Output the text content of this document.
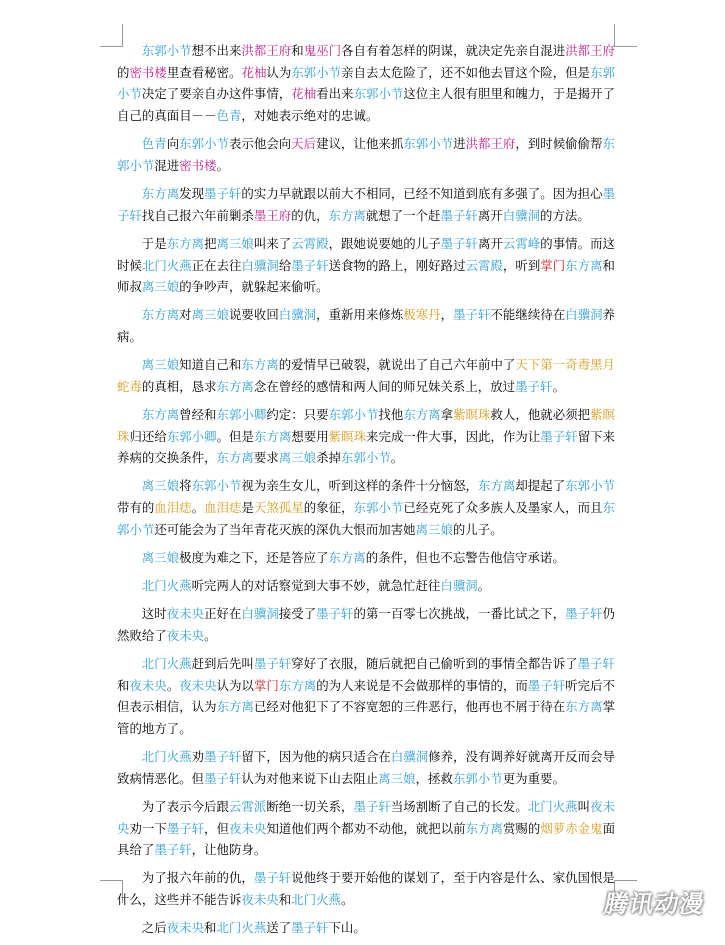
东郭小节想不出来洪都王府和鬼巫门各自有着怎样的阴谋，就决定先亲自混进洪都王府的密书楼里查看秘密。花柚认为东郭小节亲自去太危险了，还不如他去冒这个险，但是东郭小节决定了要亲自办这件事情，花柚看出来东郭小节这位主人很有胆里和魄力，于是揭开了自己的真面目－－色青，对她表示绝对的忠诚。

色青向东郭小节表示他会向天后建议，让他来抓东郭小节进洪都王府，到时候偷偷帮东郭小节混进密书楼。

东方离发现墨子轩的实力早就跟以前大不相同，已经不知道到底有多强了。因为担心墨子轩找自己报六年前剿杀墨王府的仇，东方离就想了一个赶墨子轩离开白骥洞的方法。

于是东方离把离三娘叫来了云霄殿，跟她说要她的儿子墨子轩离开云霄峰的事情。而这时候北门火燕正在去往白骥洞给墨子轩送食物的路上，刚好路过云霄殿，听到掌门东方离和师叔离三娘的争吵声，就躲起来偷听。

东方离对离三娘说要收回白骥洞，重新用来修炼极寒丹，墨子轩不能继续待在白骥洞养病。

离三娘知道自己和东方离的爱情早已破裂，就说出了自己六年前中了天下第一奇毒黑月蛇毒的真相，恳求东方离念在曾经的感情和两人间的师兄妹关系上，放过墨子轩。

东方离曾经和东郭小卿约定：只要东郭小节找他东方离拿紫瞑珠救人，他就必须把紫瞑珠归还给东郭小卿。但是东方离想要用紫瞑珠来完成一件大事，因此，作为让墨子轩留下来养病的交换条件，东方离要求离三娘杀掉东郭小节。

离三娘将东郭小节视为亲生女儿，听到这样的条件十分恼怒，东方离却提起了东郭小节带有的血泪痣。血泪痣是天煞孤星的象征，东郭小节已经克死了众多族人及墨家人，而且东郭小节还可能会为了当年青花灭族的深仇大恨而加害她离三娘的儿子。

离三娘极度为难之下，还是答应了东方离的条件，但也不忘警告他信守承诺。

北门火燕听完两人的对话察觉到大事不妙，就急忙赶往白骥洞。

这时夜未央正好在白骥洞接受了墨子轩的第一百零七次挑战，一番比试之下，墨子轩仍然败给了夜未央。

北门火燕赶到后先叫墨子轩穿好了衣服，随后就把自己偷听到的事情全都告诉了墨子轩和夜未央。夜未央认为以掌门东方离的为人来说是不会做那样的事情的，而墨子轩听完后不但表示相信，认为东方离已经对他犯下了不容宽恕的三件恶行，他再也不屑于待在东方离掌管的地方了。

北门火燕劝墨子轩留下，因为他的病只适合在白骥洞修养，没有调养好就离开反而会导致病情恶化。但墨子轩认为对他来说下山去阻止离三娘，拯救东郭小节更为重要。

为了表示今后跟云霄派断绝一切关系，墨子轩当场割断了自己的长发。北门火燕叫夜未央劝一下墨子轩，但夜未央知道他们两个都劝不动他，就把以前东方离赏赐的烟萝赤金鬼面具给了墨子轩，让他防身。

为了报六年前的仇，墨子轩说他终于要开始他的谋划了，至于内容是什么、家仇国恨是什么，这些并不能告诉夜未央和北门火燕。

之后夜未央和北门火燕送了墨子轩下山。

腾讯动漫
